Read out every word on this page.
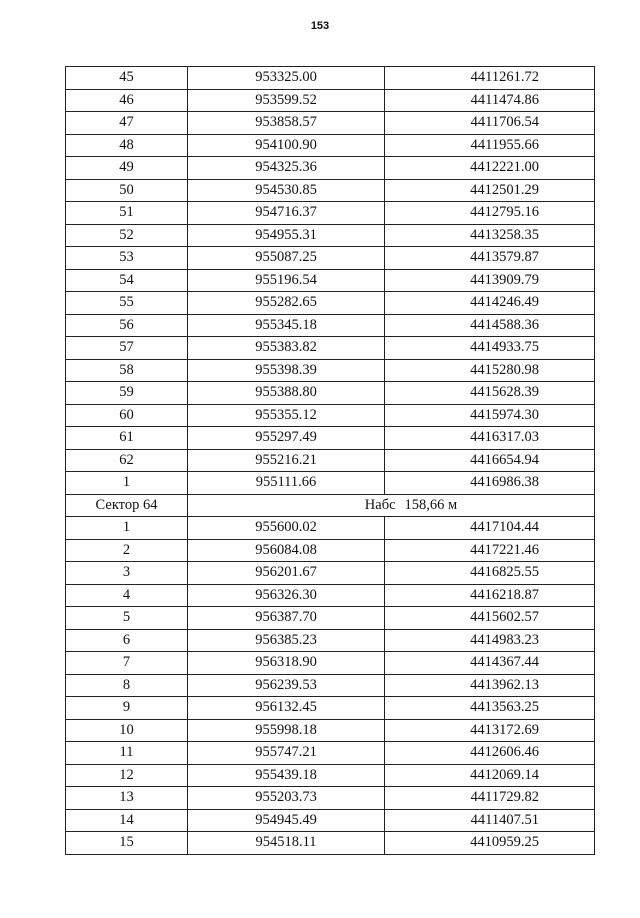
153
45	953325.00	4411261.72
46	953599.52	4411474.86
47	953858.57	4411706.54
48	954100.90	4411955.66
49	954325.36	4412221.00
50	954530.85	4412501.29
51	954716.37	4412795.16
52	954955.31	4413258.35
53	955087.25	4413579.87
54	955196.54	4413909.79
55	955282.65	4414246.49
56	955345.18	4414588.36
57	955383.82	4414933.75
58	955398.39	4415280.98
59	955388.80	4415628.39
60	955355.12	4415974.30
61	955297.49	4416317.03
62	955216.21	4416654.94
1	955111.66	4416986.38
Сектор 64	Набс 158,66 м	
1	955600.02	4417104.44
2	956084.08	4417221.46
3	956201.67	4416825.55
4	956326.30	4416218.87
5	956387.70	4415602.57
6	956385.23	4414983.23
7	956318.90	4414367.44
8	956239.53	4413962.13
9	956132.45	4413563.25
10	955998.18	4413172.69
11	955747.21	4412606.46
12	955439.18	4412069.14
13	955203.73	4411729.82
14	954945.49	4411407.51
15	954518.11	4410959.25
